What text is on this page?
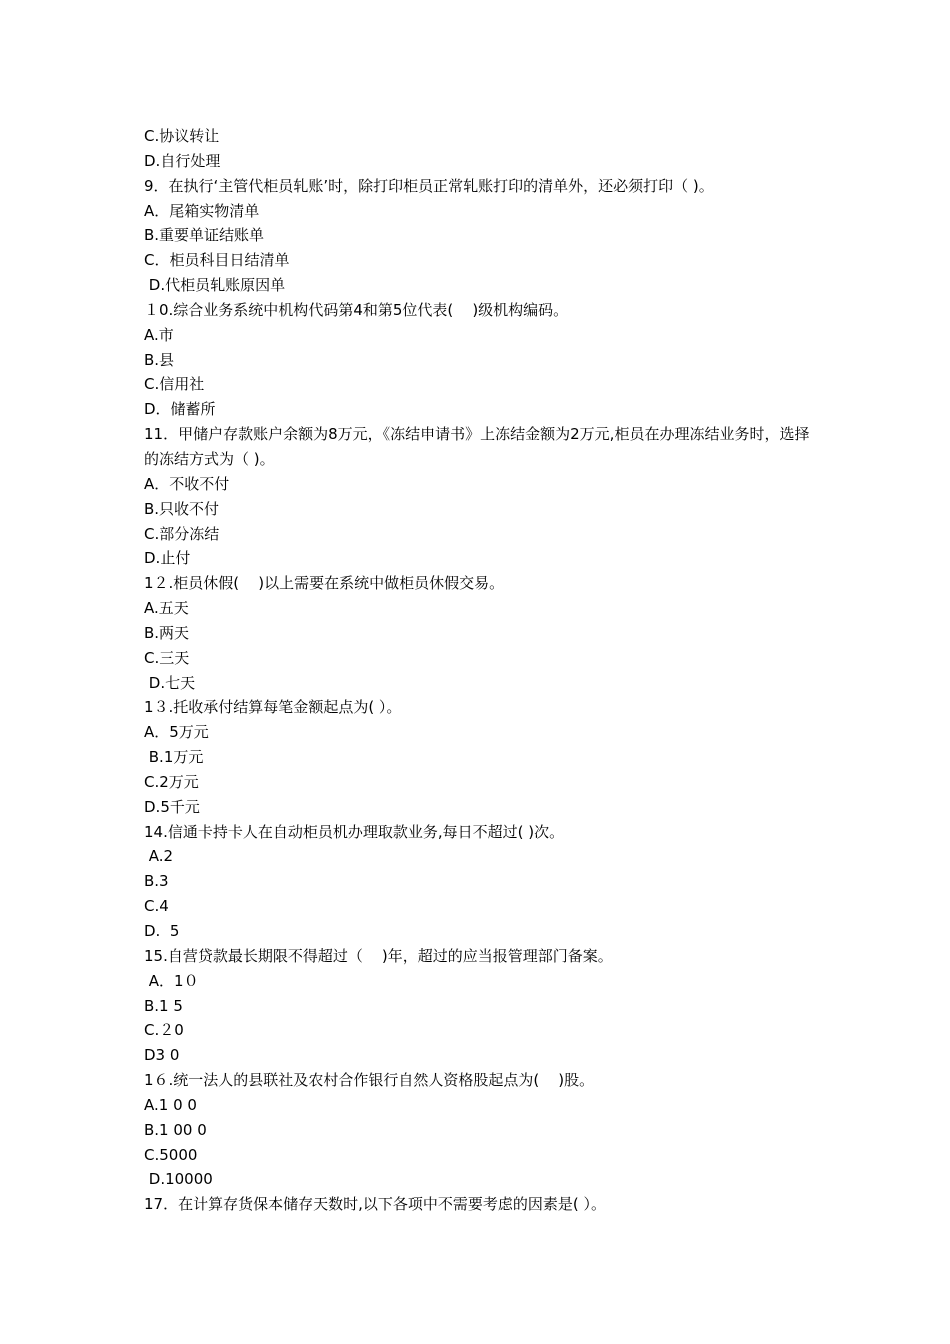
C.协议转让
D.自行处理
9．在执行‘主管代柜员轧账’时，除打印柜员正常轧账打印的清单外，还必须打印（ )。
A．尾箱实物清单
B.重要单证结账单
C．柜员科目日结清单
D.代柜员轧账原因单
１0.综合业务系统中机构代码第4和第5位代表(    )级机构编码。
A.市
B.县
C.信用社
D．储蓄所
11．甲储户存款账户余额为8万元，《冻结申请书》上冻结金额为2万元,柜员在办理冻结业务时，选择的冻结方式为（ )。
A．不收不付
B.只收不付
C.部分冻结
D.止付
1２.柜员休假(    )以上需要在系统中做柜员休假交易。
A.五天
B.两天
C.三天
D.七天
1３.托收承付结算每笔金额起点为( ）。
A．5万元
B.1万元
C.2万元
D.5千元
14.信通卡持卡人在自动柜员机办理取款业务,每日不超过( )次。
A.2
B.3
C.4
D.  5
15.自营贷款最长期限不得超过（    )年，超过的应当报管理部门备案。
A．1０
B.1 5
C.２0
D3 0
1６.统一法人的县联社及农村合作银行自然人资格股起点为(    )股。
A.1 0 0
B.1 00 0
C.5000
D.10000
17．在计算存货保本储存天数时,以下各项中不需要考虑的因素是( ）。
